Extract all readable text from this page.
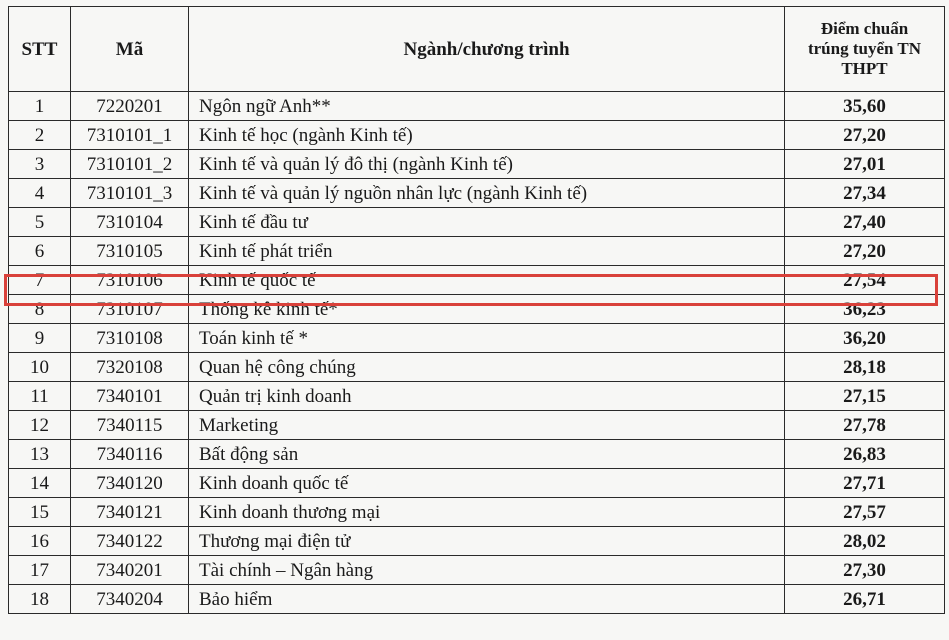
STT	Mã	Ngành/chương trình	Điểm chuẩn
trúng tuyển TN
THPT
1	7220201	Ngôn ngữ Anh**	35,60
2	7310101_1	Kinh tế học (ngành Kinh tế)	27,20
3	7310101_2	Kinh tế và quản lý đô thị (ngành Kinh tế)	27,01
4	7310101_3	Kinh tế và quản lý nguồn nhân lực (ngành Kinh tế)	27,34
5	7310104	Kinh tế đầu tư	27,40
6	7310105	Kinh tế phát triển	27,20
7	7310106	Kinh tế quốc tế	27,54
8	7310107	Thống kê kinh tế*	36,23
9	7310108	Toán kinh tế *	36,20
10	7320108	Quan hệ công chúng	28,18
11	7340101	Quản trị kinh doanh	27,15
12	7340115	Marketing	27,78
13	7340116	Bất động sản	26,83
14	7340120	Kinh doanh quốc tế	27,71
15	7340121	Kinh doanh thương mại	27,57
16	7340122	Thương mại điện tử	28,02
17	7340201	Tài chính – Ngân hàng	27,30
18	7340204	Bảo hiểm	26,71
